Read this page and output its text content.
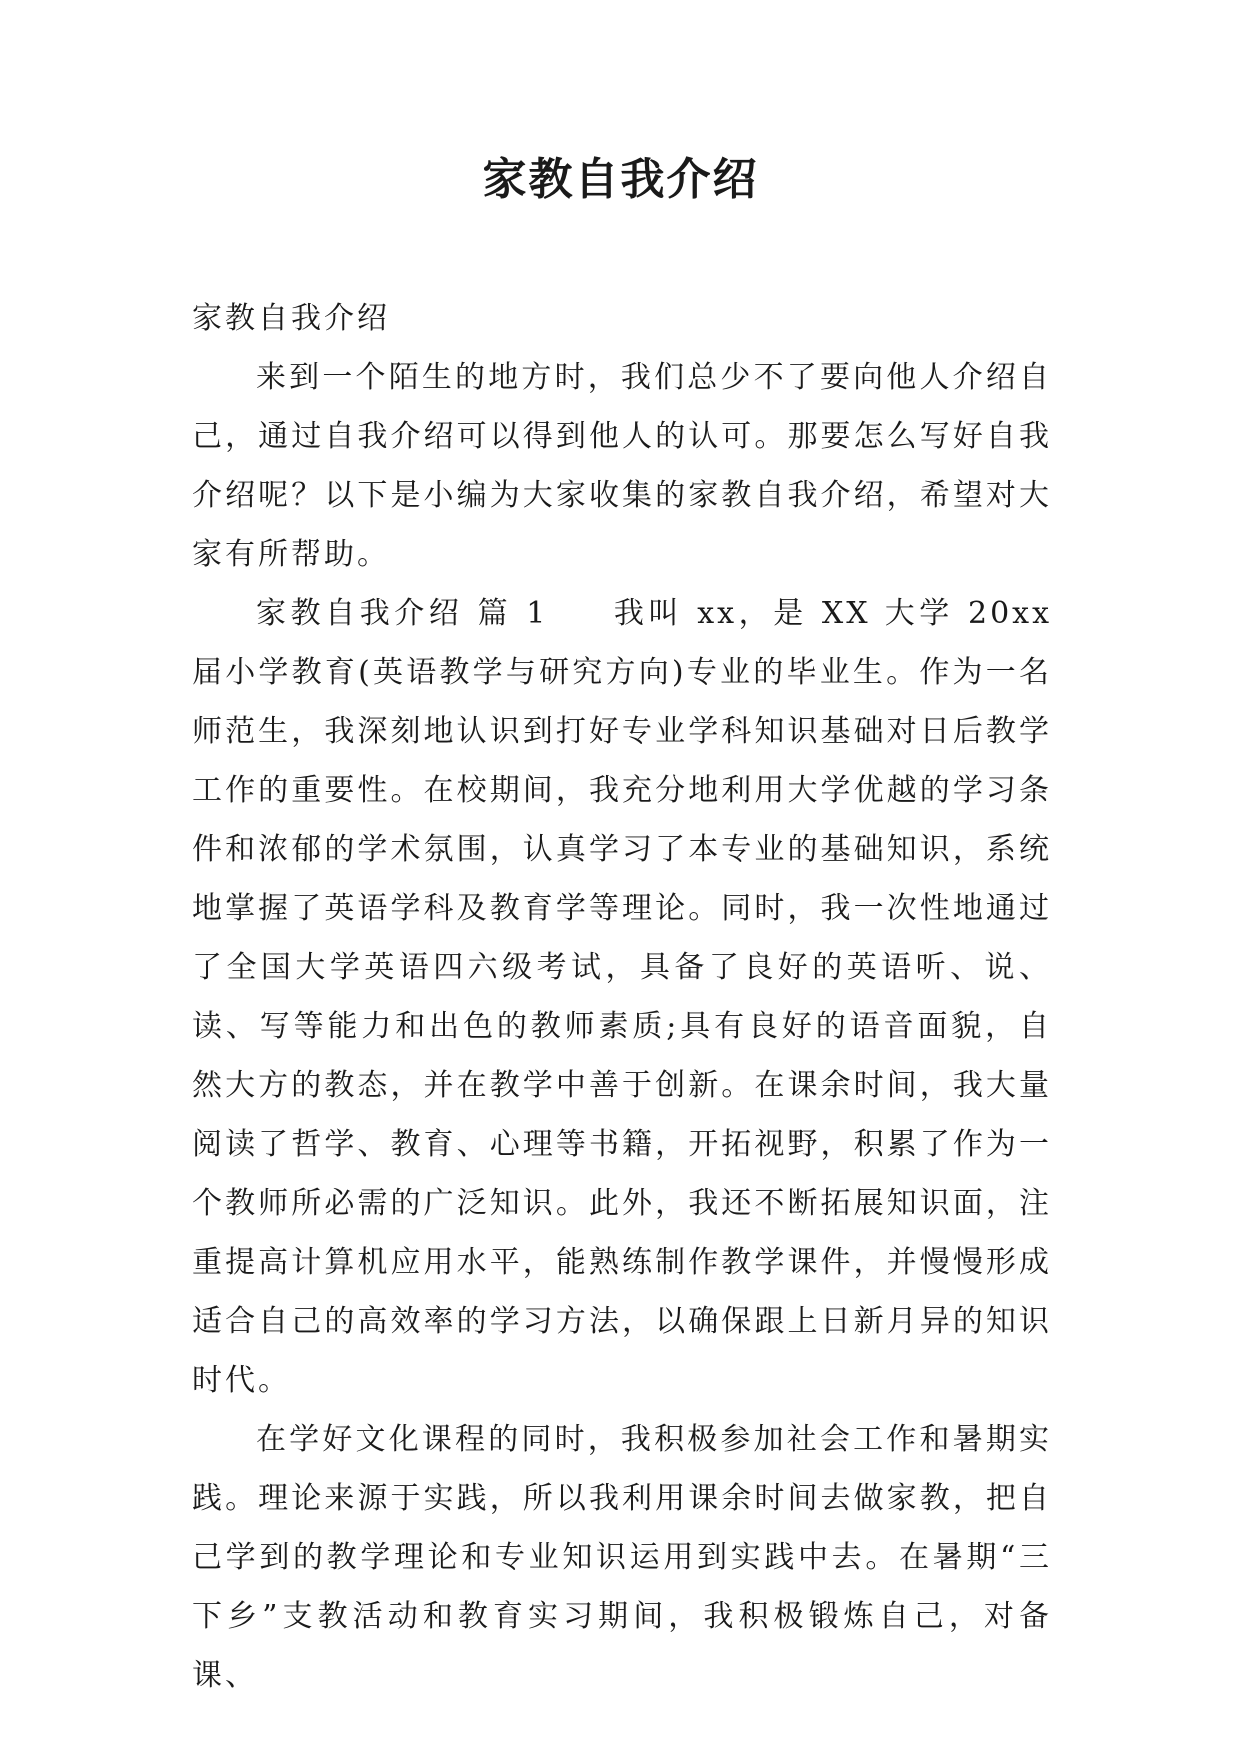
家教自我介绍

家教自我介绍

来到一个陌生的地方时，我们总少不了要向他人介绍自己，通过自我介绍可以得到他人的认可。那要怎么写好自我介绍呢？以下是小编为大家收集的家教自我介绍，希望对大家有所帮助。

家教自我介绍 篇 1 我叫 xx，是 XX 大学 20xx 届小学教育(英语教学与研究方向)专业的毕业生。作为一名师范生，我深刻地认识到打好专业学科知识基础对日后教学工作的重要性。在校期间，我充分地利用大学优越的学习条件和浓郁的学术氛围，认真学习了本专业的基础知识，系统地掌握了英语学科及教育学等理论。同时，我一次性地通过了全国大学英语四六级考试，具备了良好的英语听、说、读、写等能力和出色的教师素质;具有良好的语音面貌，自然大方的教态，并在教学中善于创新。在课余时间，我大量阅读了哲学、教育、心理等书籍，开拓视野，积累了作为一个教师所必需的广泛知识。此外，我还不断拓展知识面，注重提高计算机应用水平，能熟练制作教学课件，并慢慢形成适合自己的高效率的学习方法，以确保跟上日新月异的知识时代。

在学好文化课程的同时，我积极参加社会工作和暑期实践。理论来源于实践，所以我利用课余时间去做家教，把自己学到的教学理论和专业知识运用到实践中去。在暑期“三下乡”支教活动和教育实习期间，我积极锻炼自己，对备课、
